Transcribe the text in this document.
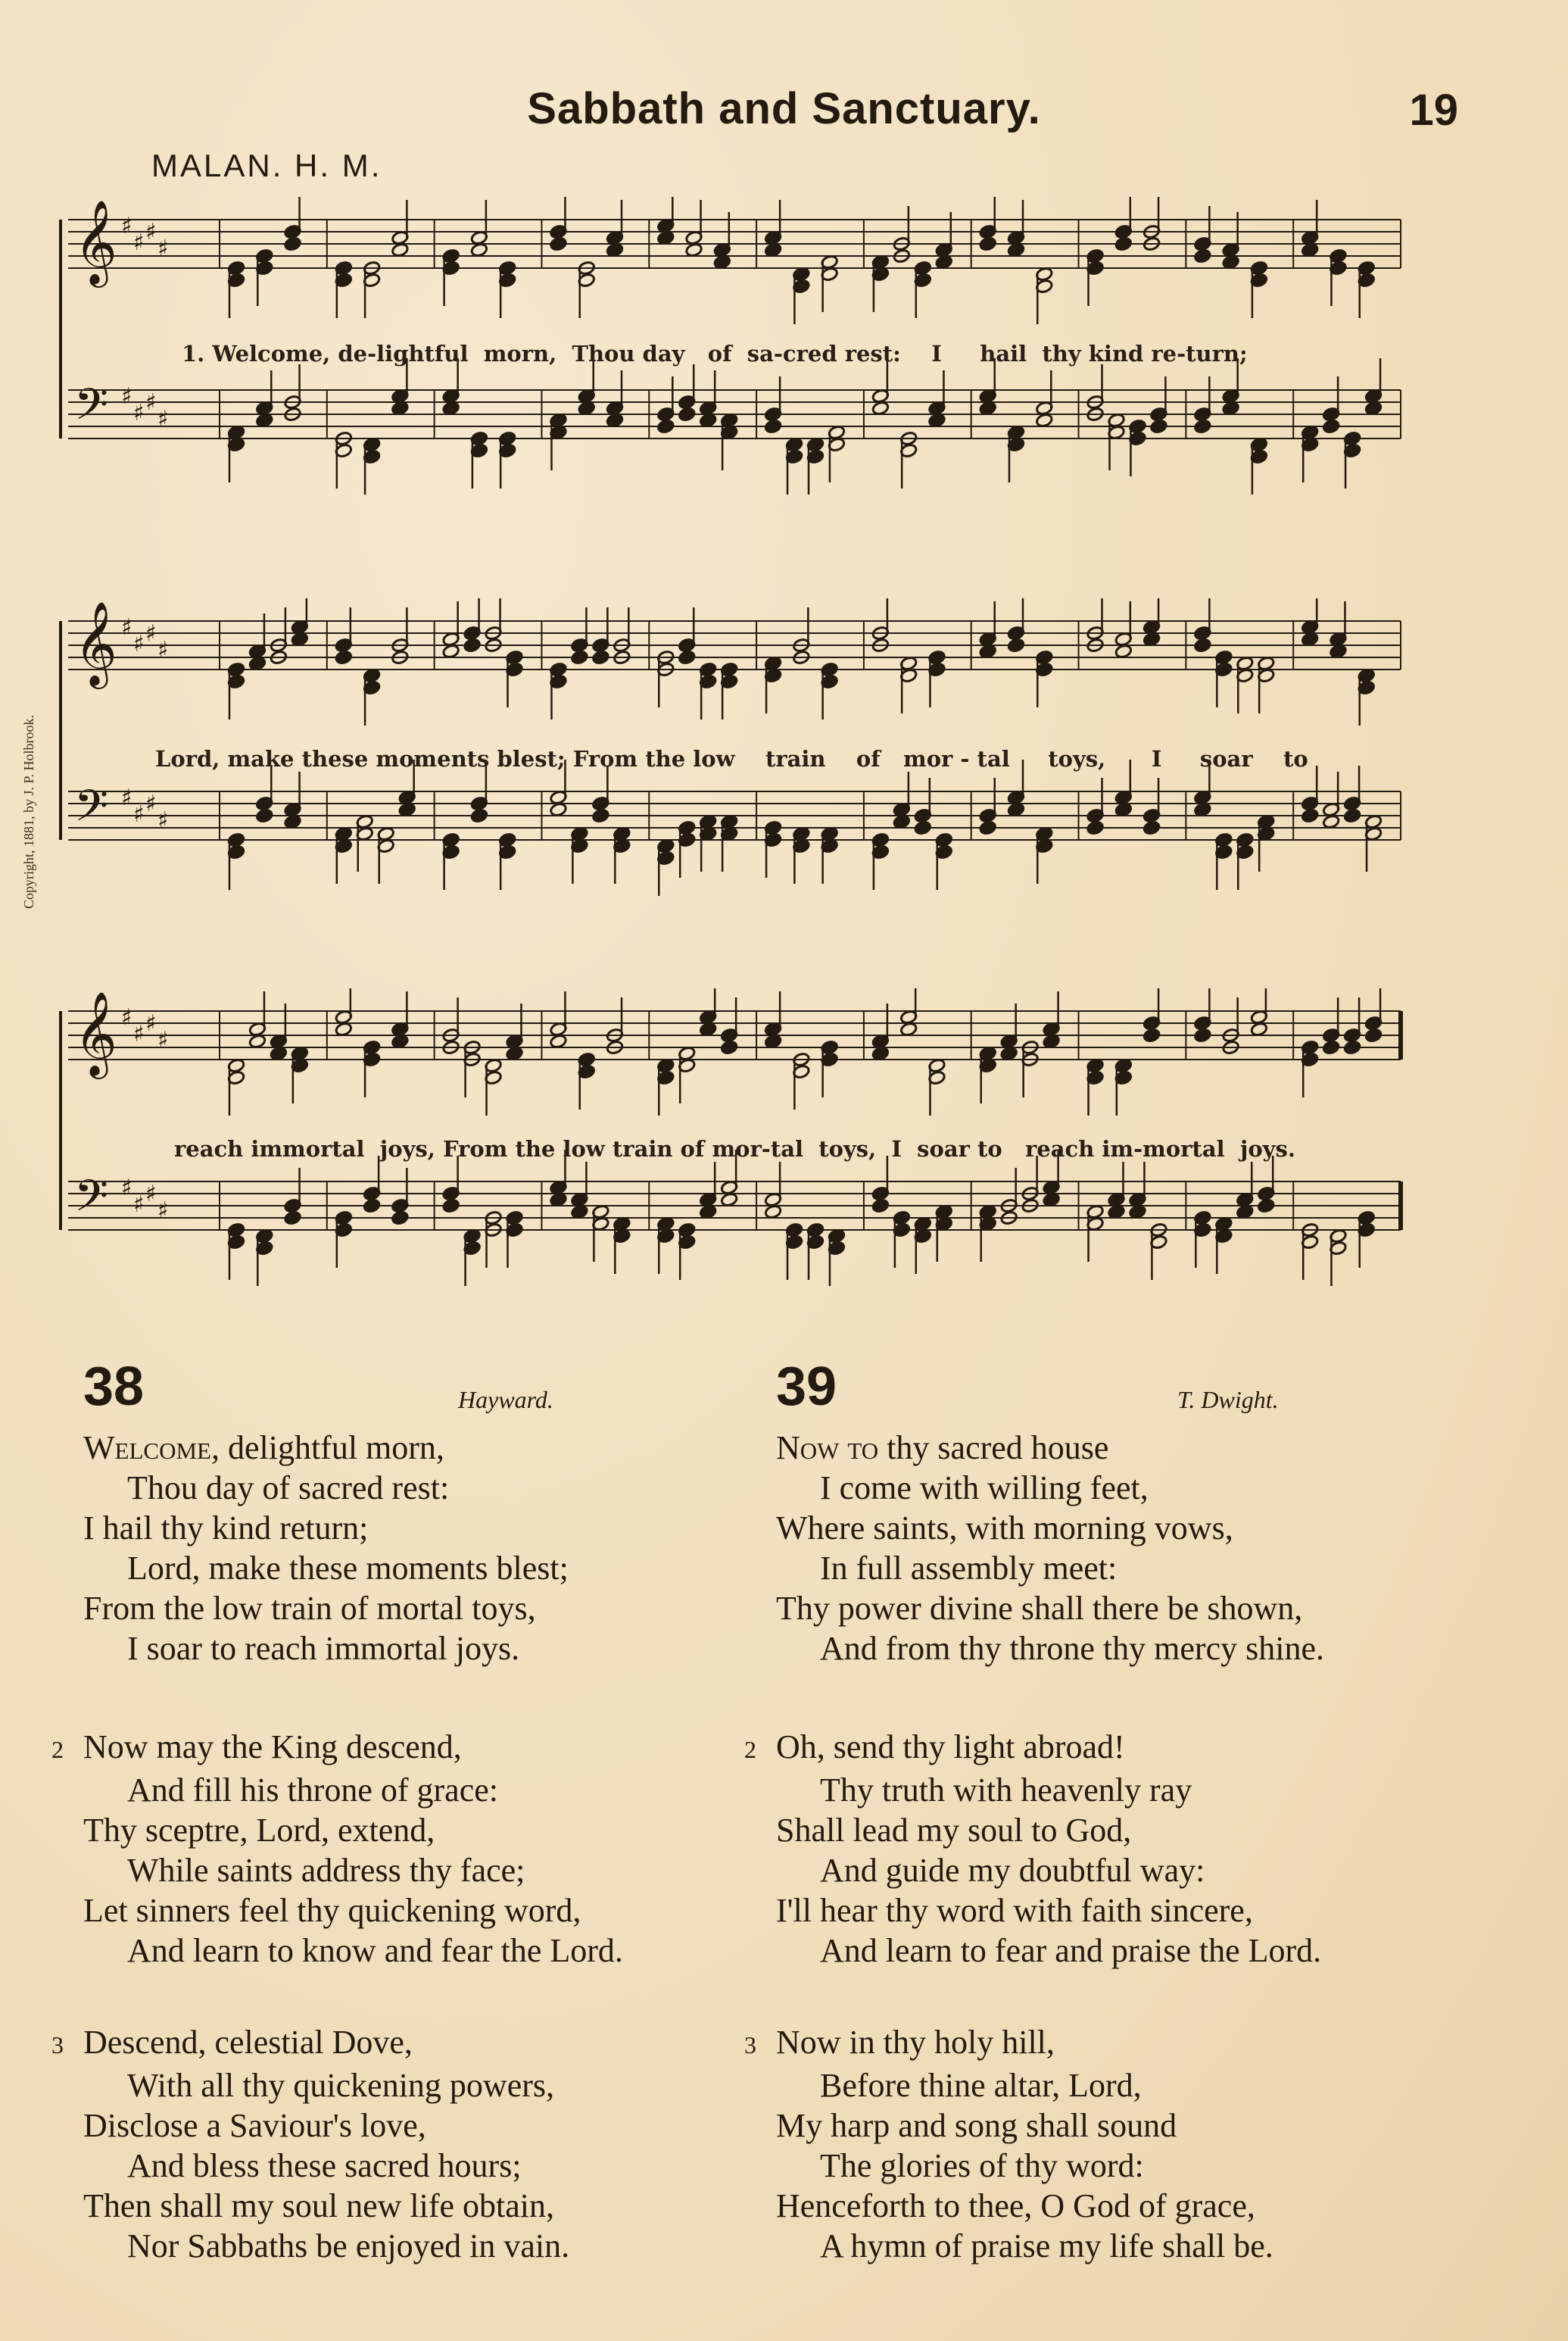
Sabbath and Sanctuary.	19
MALAN. H. M.
𝄞 ♯
♯ ♯
♯
𝄢 ♯
♯ ♯
♯
1. Welcome, de-lightful  morn,  Thou day   of  sa-cred rest:    I     hail  thy kind re-turn;
𝄞 ♯
♯ ♯
♯
𝄢 ♯
♯ ♯
♯
Lord, make these moments blest; From the low    train    of   mor - tal     toys,      I     soar    to
𝄞 ♯
♯ ♯
♯
𝄢 ♯
♯ ♯
♯
reach immortal  joys, From the low train of mor-tal  toys,  I  soar to   reach im-mortal  joys.
Copyright, 1881, by J. P. Holbrook.
38	Hayward.
Welcome, delightful morn,
Thou day of sacred rest:
I hail thy kind return;
Lord, make these moments blest;
From the low train of mortal toys,
I soar to reach immortal joys.
2 Now may the King descend,
And fill his throne of grace:
Thy sceptre, Lord, extend,
While saints address thy face;
Let sinners feel thy quickening word,
And learn to know and fear the Lord.
3 Descend, celestial Dove,
With all thy quickening powers,
Disclose a Saviour's love,
And bless these sacred hours;
Then shall my soul new life obtain,
Nor Sabbaths be enjoyed in vain.
39	T. Dwight.
Now to thy sacred house
I come with willing feet,
Where saints, with morning vows,
In full assembly meet:
Thy power divine shall there be shown,
And from thy throne thy mercy shine.
2 Oh, send thy light abroad!
Thy truth with heavenly ray
Shall lead my soul to God,
And guide my doubtful way:
I'll hear thy word with faith sincere,
And learn to fear and praise the Lord.
3 Now in thy holy hill,
Before thine altar, Lord,
My harp and song shall sound
The glories of thy word:
Henceforth to thee, O God of grace,
A hymn of praise my life shall be.
